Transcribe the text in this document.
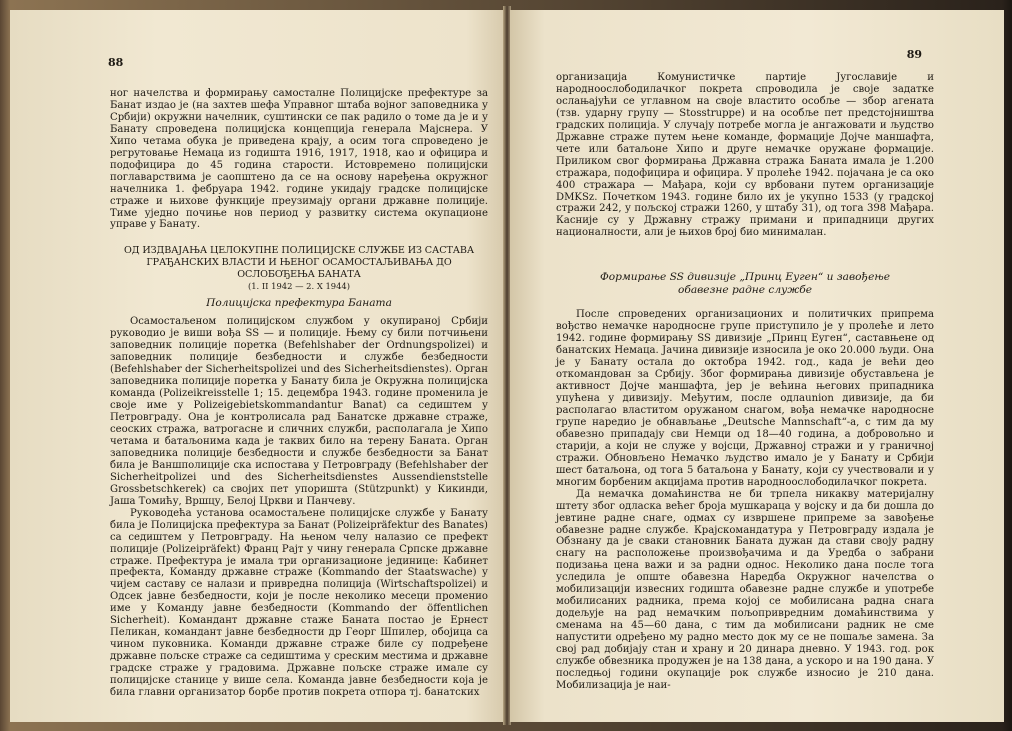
88

ног начелства и формирању самосталне Полицијске префектуре за Банат издао је (на захтев шефа Управног штаба војног заповедника у Србији) окружни начелник, суштински се пак радило о томе да је и у Банату спроведена полицијска концепција генерала Мајснера. У Хипо четама обука је приведена крају, а осим тога спроведено је регрутовање Немаца из годишта 1916, 1917, 1918, као и официра и подофицира до 45 година старости. Истовремено полицијски поглаварствима је саопштено да се на основу наређења окружног начелника 1. фебруара 1942. године укидају градске полицијске страже и њихове функције преузимају органи државне полиције. Тиме уједно почиње нов период у развитку система окупационе управе у Банату.

ОД ИЗДВАЈАЊА ЦЕЛОКУПНЕ ПОЛИЦИЈСКЕ СЛУЖБЕ ИЗ САСТАВА ГРАЂАНСКИХ ВЛАСТИ И ЊЕНОГ ОСАМОСТАЉИВАЊА ДО ОСЛОБОЂЕЊА БАНАТА
(1. II 1942 — 2. X 1944)
Полицијска префектура Баната

Осамостаљеном полицијском службом у окупираној Србији руководио је виши вођа SS — и полиције. Њему су били потчињени заповедник полиције поретка (Befehlshaber der Ordnungspolizei) и заповедник полиције безбедности и службе безбедности (Befehlshaber der Sicherheitspolizei und des Sicherheitsdienstes). Орган заповедника полиције поретка у Банату била је Окружна полицијска команда (Polizeikreisstelle 1; 15. децембра 1943. године променила је своје име у Polizeigebietskommandantur Banat) са седиштем у Петровграду. Она је контролисала рад Банатске државне страже, сеоских стража, ватрогасне и сличних служби, располагала је Хипо четама и батаљонима када је таквих било на терену Баната. Орган заповедника полиције безбедности и службе безбедности за Банат била је Ваншполиције ска испостава у Петровграду (Befehlshaber der Sicherheitpolizei und des Sicherheitsdienstes Aussendienststelle Grossbetschkerek) са својих пет упоришта (Stützpunkt) у Кикинди, Јаша Томићу, Вршцу, Белој Цркви и Панчеву.

Руководећа установа осамостаљене полицијске службе у Банату била је Полицијска префектура за Банат (Polizeipräfektur des Banates) са седиштем у Петровграду. На њеном челу налазио се префект полиције (Polizeipräfekt) Франц Рајт у чину генерала Српске државне страже. Префектура је имала три организационе јединице: Кабинет префекта, Команду државне страже (Kommando der Staatswache) у чијем саставу се налази и привредна полиција (Wirtschaftspolizei) и Одсек јавне безбедности, који је после неколико месеци променио име у Команду јавне безбедности (Kommando der öffentlichen Sicherheit). Командант државне стаже Баната постао је Ернест Пеликан, командант јавне безбедности др Георг Шпилер, обојица са чином пуковника. Команди државне страже биле су подређене државне пољске страже са седиштима у среским местима и државне градске страже у градовима. Државне пољске страже имале су полицијске станице у више села. Команда јавне безбедности која је била главни организатор борбе против покрета отпора тј. банатских

89

организација Комунистичке партије Југославије и народноослободилачког покрета спроводила је своје задатке ослањајући се углавном на своје властито особље — збор агената (тзв. ударну групу — Stosstruppe) и на особље пет предстојништва градских полиција. У случају потребе могла је ангажовати и људство Државне страже путем њене команде, формације Дојче маншафта, чете или батаљоне Хипо и друге немачке оружане формације. Приликом свог формирања Државна стража Баната имала је 1.200 стражара, подофицира и официра. У пролеће 1942. појачана је са око 400 стражара — Мађара, који су врбовани путем организације DMKSz. Почетком 1943. године било их је укупно 1533 (у градској стражи 242, у пољској стражи 1260, у штабу 31), од тога 398 Мађара. Касније су у Државну стражу примани и припадници других националности, али је њихов број био минималан.

Формирање SS дивизије „Принц Еуген“ и завођење
обавезне радне службе

После спроведених организационих и политичких припрема вођство немачке народносне групе приступило је у пролеће и лето 1942. године формирању SS дивизије „Принц Еуген“, саставњене од банатских Немаца. Јачина дивизије износила је око 20.000 људи. Она је у Банату остала до октобра 1942. год., када је већи део откомандован за Србију. Због формирања дивизије обустављена је активност Дојче маншафта, јер је већина његових припадника упућена у дивизију. Међутим, после одлаunion дивизије, да би располагао властитом оружаном снагом, вођа немачке народносне групе наредио је обнављање „Deutsche Mannschaft“-а, с тим да му обавезно припадају сви Немци од 18—40 година, а добровољно и старији, а који не служе у војсци, Државној стражи и у граничној стражи. Обновљено Немачко људство имало је у Банату и Србији шест батаљона, од тога 5 батаљона у Банату, који су учествовали и у многим борбеним акцијама против народноослободилачког покрета.

Да немачка домаћинства не би трпела никакву материјалну штету због одласка већег броја мушкараца у војску и да би дошла до јевтине радне снаге, одмах су извршене припреме за завођење обавезне радне службе. Крајскомандатура у Петровграду издала је Обзнану да је сваки становник Баната дужан да стави своју радну снагу на расположење произвођачима и да Уредба о забрани подизања цена важи и за радни однос. Неколико дана после тога уследила је опште обавезна Наредба Окружног начелства о мобилизацији извесних годишта обавезне радне службе и употребе мобилисаних радника, према којој се мобилисана радна снага додељује на рад немачким пољопривредним домаћинствима у сменама на 45—60 дана, с тим да мобилисани радник не сме напустити одређено му радно место док му се не пошаље замена. За свој рад добијају стан и храну и 20 динара дневно. У 1943. год. рок службе обвезника продужен је на 138 дана, а ускоро и на 190 дана. У последњој години окупације рок службе износио је 210 дана. Мобилизација је наи-
